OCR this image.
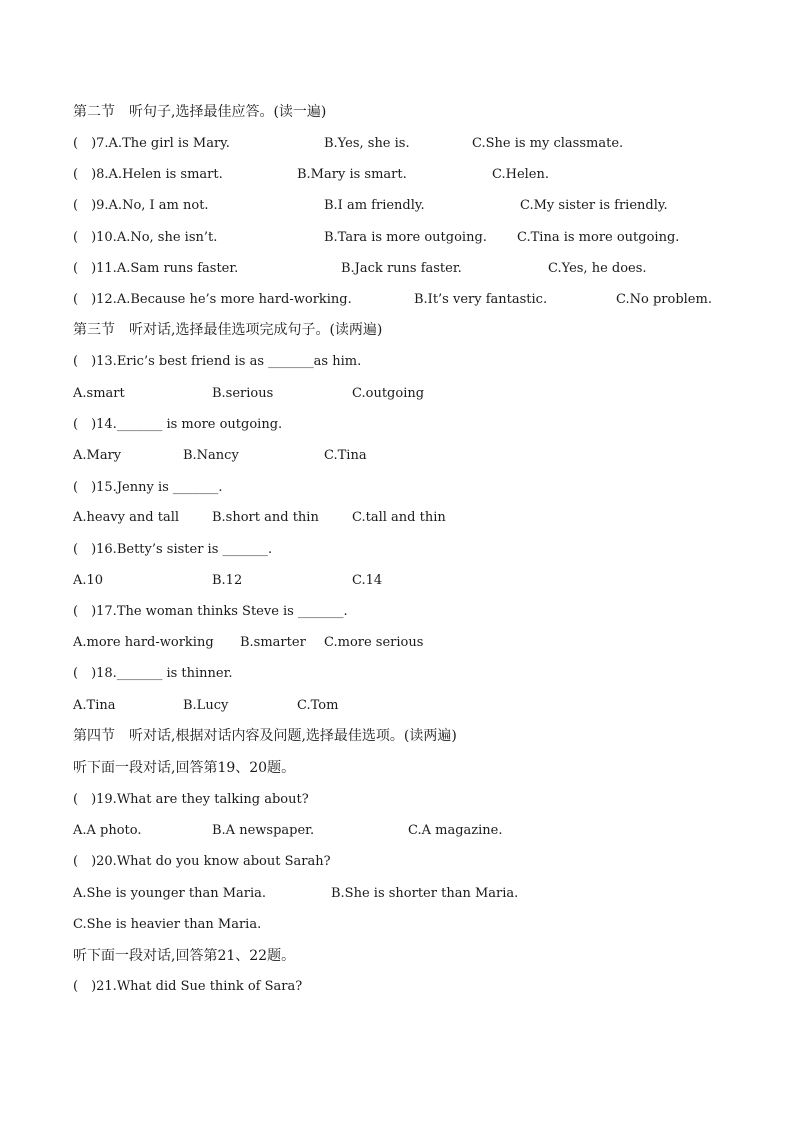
第二节　听句子,选择最佳应答。(读一遍)

(　)7.A.The girl is Mary.

	B.Yes, she is.

	C.She is my classmate.

(　)8.A.Helen is smart.

	B.Mary is smart.

	C.Helen.

(　)9.A.No, I am not.

	B.I am friendly.

	C.My sister is friendly.

(　)10.A.No, she isn’t.

	B.Tara is more outgoing.

C.Tina is more outgoing.

(　)11.A.Sam runs faster.

	B.Jack runs faster.

	C.Yes, he does.

(　)12.A.Because he’s more hard-working.

	B.It’s very fantastic.

	C.No problem.

第三节　听对话,选择最佳选项完成句子。(读两遍)

(　)13.Eric’s best friend is as _______as him.

A.smart

	B.serious

	C.outgoing

(　)14._______ is more outgoing.

A.Mary

	B.Nancy

	C.Tina

(　)15.Jenny is _______.

A.heavy and tall

	B.short and thin

	C.tall and thin

(　)16.Betty’s sister is _______.

A.10

	B.12

	C.14

(　)17.The woman thinks Steve is _______.

A.more hard-working

B.smarter

C.more serious

(　)18._______ is thinner.

A.Tina

	B.Lucy

	C.Tom

第四节　听对话,根据对话内容及问题,选择最佳选项。(读两遍)

听下面一段对话,回答第19、20题。

(　)19.What are they talking about?

A.A photo.

	B.A newspaper.

	C.A magazine.

(　)20.What do you know about Sarah?

A.She is younger than Maria.

	B.She is shorter than Maria.

C.She is heavier than Maria.

听下面一段对话,回答第21、22题。

(　)21.What did Sue think of Sara?
